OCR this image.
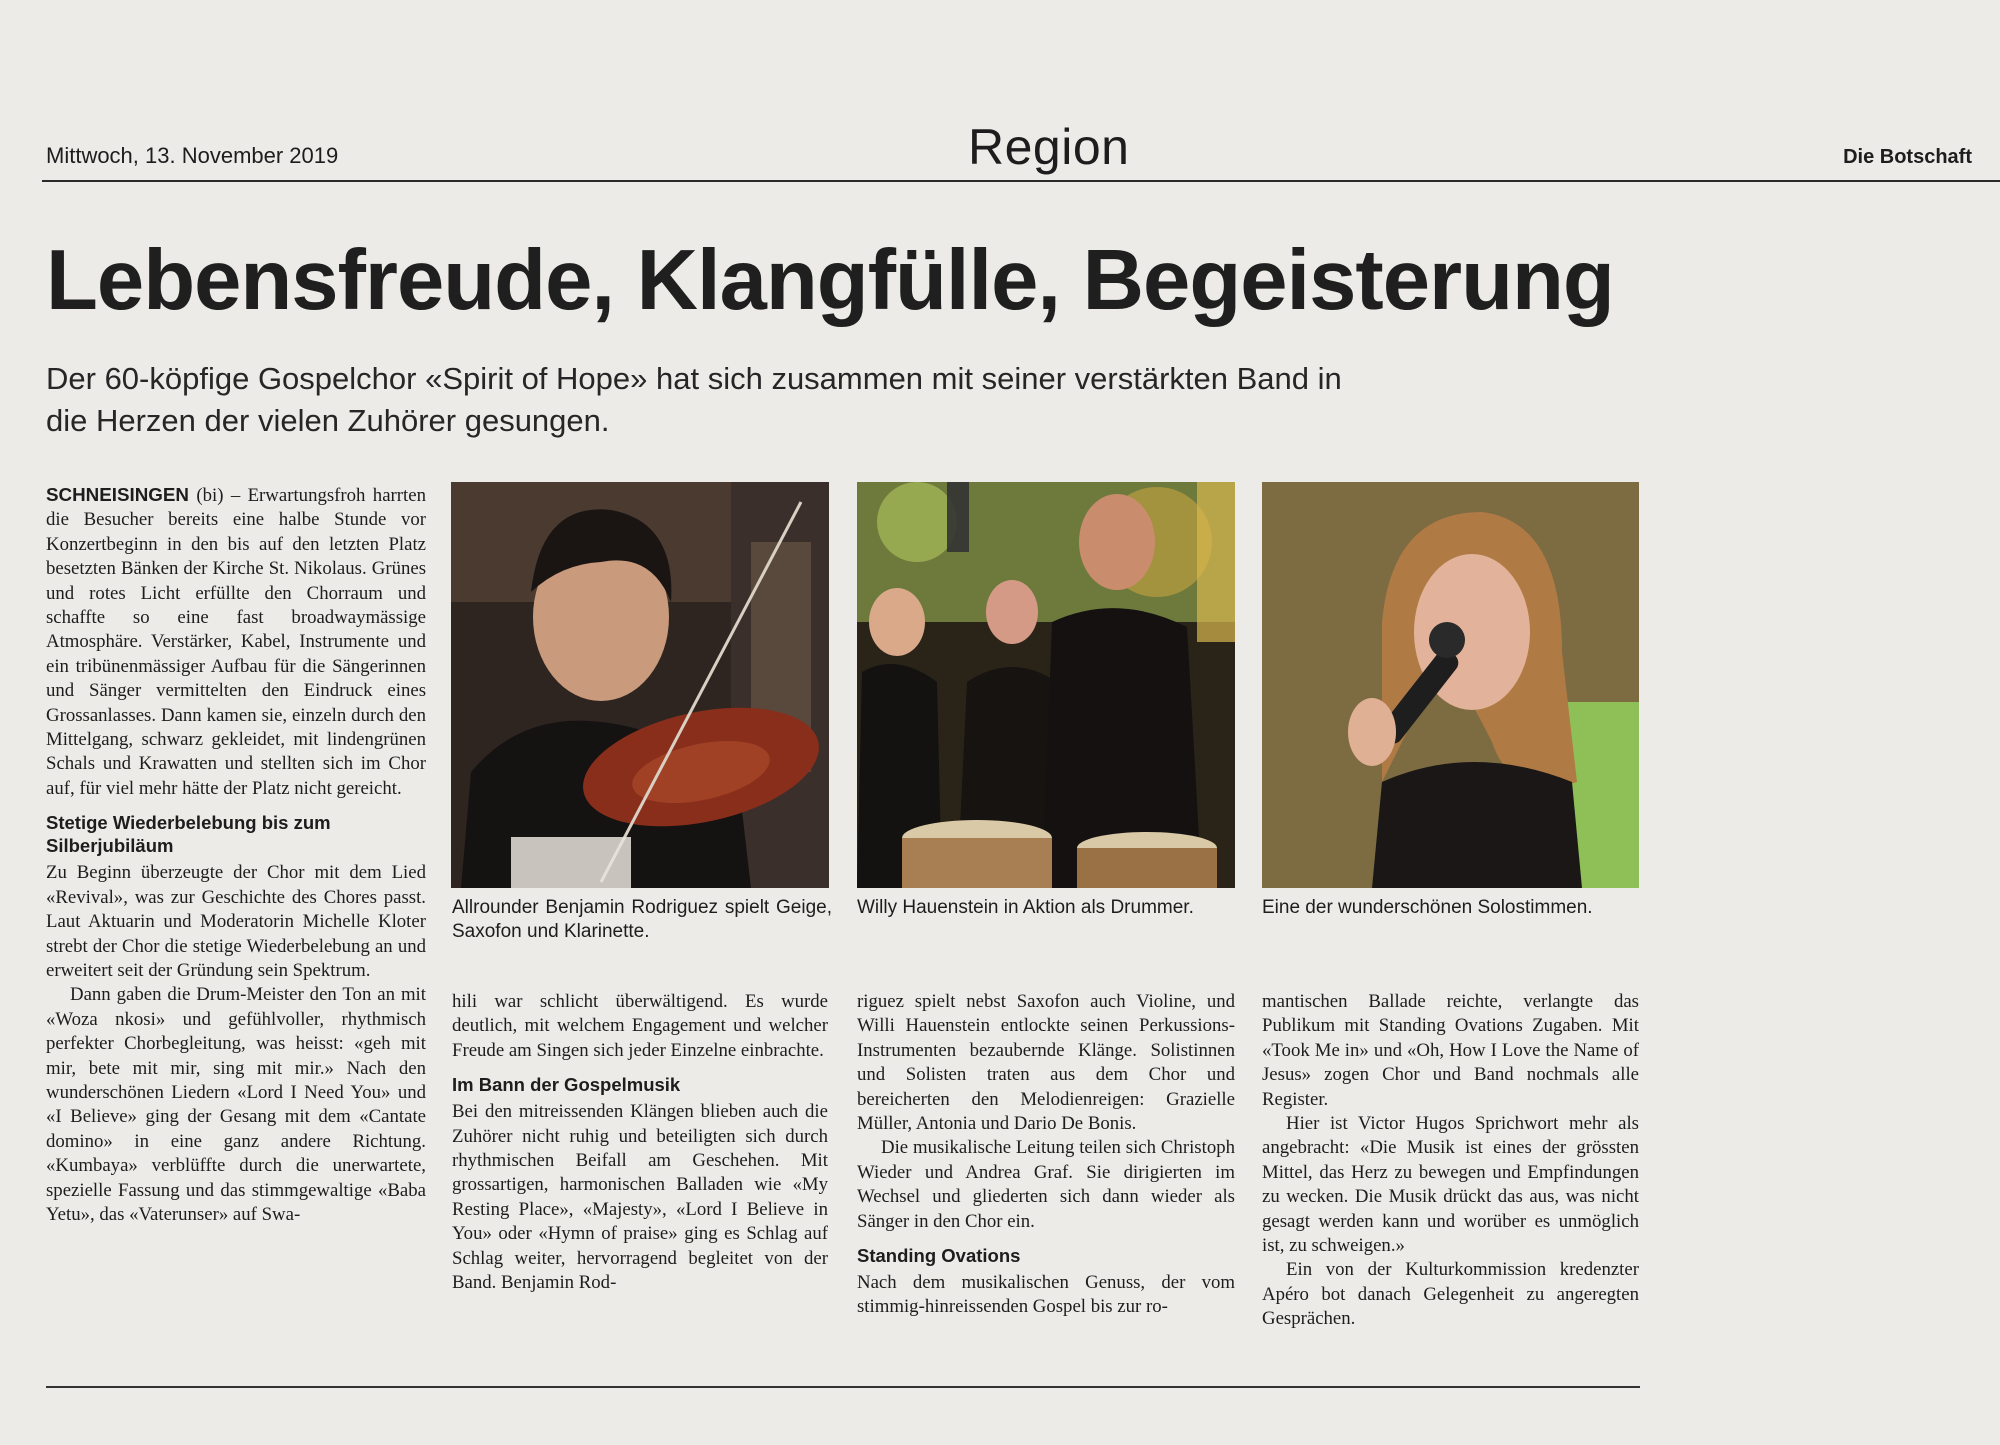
Mittwoch, 13. November 2019	Region	Die Botschaft
Lebensfreude, Klangfülle, Begeisterung
Der 60-köpfige Gospelchor «Spirit of Hope» hat sich zusammen mit seiner verstärkten Band in die Herzen der vielen Zuhörer gesungen.

SCHNEISINGEN (bi) – Erwartungsfroh harrten die Besucher bereits eine halbe Stunde vor Konzertbeginn in den bis auf den letzten Platz besetzten Bänken der Kirche St. Nikolaus. Grünes und rotes Licht erfüllte den Chorraum und schaffte so eine fast broadwaymässige Atmosphäre. Verstärker, Kabel, Instrumente und ein tribünenmässiger Aufbau für die Sängerinnen und Sänger vermittelten den Eindruck eines Grossanlasses. Dann kamen sie, einzeln durch den Mittelgang, schwarz gekleidet, mit lindengrünen Schals und Krawatten und stellten sich im Chor auf, für viel mehr hätte der Platz nicht gereicht.

Stetige Wiederbelebung bis zum Silberjubiläum

Zu Beginn überzeugte der Chor mit dem Lied «Revival», was zur Geschichte des Chores passt. Laut Aktuarin und Moderatorin Michelle Kloter strebt der Chor die stetige Wiederbelebung an und erweitert seit der Gründung sein Spektrum.

Dann gaben die Drum-Meister den Ton an mit «Woza nkosi» und gefühlvoller, rhythmisch perfekter Chorbegleitung, was heisst: «geh mit mir, bete mit mir, sing mit mir.» Nach den wunderschönen Liedern «Lord I Need You» und «I Believe» ging der Gesang mit dem «Cantate domino» in eine ganz andere Richtung. «Kumbaya» verblüffte durch die unerwartete, spezielle Fassung und das stimmgewaltige «Baba Yetu», das «Vaterunser» auf Swa-

Allrounder Benjamin Rodriguez spielt Geige, Saxofon und Klarinette.
Willy Hauenstein in Aktion als Drummer.	Eine der wunderschönen Solostimmen.

hili war schlicht überwältigend. Es wurde deutlich, mit welchem Engagement und welcher Freude am Singen sich jeder Einzelne einbrachte.

Im Bann der Gospelmusik

Bei den mitreissenden Klängen blieben auch die Zuhörer nicht ruhig und beteiligten sich durch rhythmischen Beifall am Geschehen. Mit grossartigen, harmonischen Balladen wie «My Resting Place», «Majesty», «Lord I Believe in You» oder «Hymn of praise» ging es Schlag auf Schlag weiter, hervorragend begleitet von der Band. Benjamin Rod-

riguez spielt nebst Saxofon auch Violine, und Willi Hauenstein entlockte seinen Perkussions-Instrumenten bezaubernde Klänge. Solistinnen und Solisten traten aus dem Chor und bereicherten den Melodienreigen: Grazielle Müller, Antonia und Dario De Bonis.

Die musikalische Leitung teilen sich Christoph Wieder und Andrea Graf. Sie dirigierten im Wechsel und gliederten sich dann wieder als Sänger in den Chor ein.

Standing Ovations

Nach dem musikalischen Genuss, der vom stimmig-hinreissenden Gospel bis zur ro-

mantischen Ballade reichte, verlangte das Publikum mit Standing Ovations Zugaben. Mit «Took Me in» und «Oh, How I Love the Name of Jesus» zogen Chor und Band nochmals alle Register.

Hier ist Victor Hugos Sprichwort mehr als angebracht: «Die Musik ist eines der grössten Mittel, das Herz zu bewegen und Empfindungen zu wecken. Die Musik drückt das aus, was nicht gesagt werden kann und worüber es unmöglich ist, zu schweigen.»

Ein von der Kulturkommission kredenzter Apéro bot danach Gelegenheit zu angeregten Gesprächen.
